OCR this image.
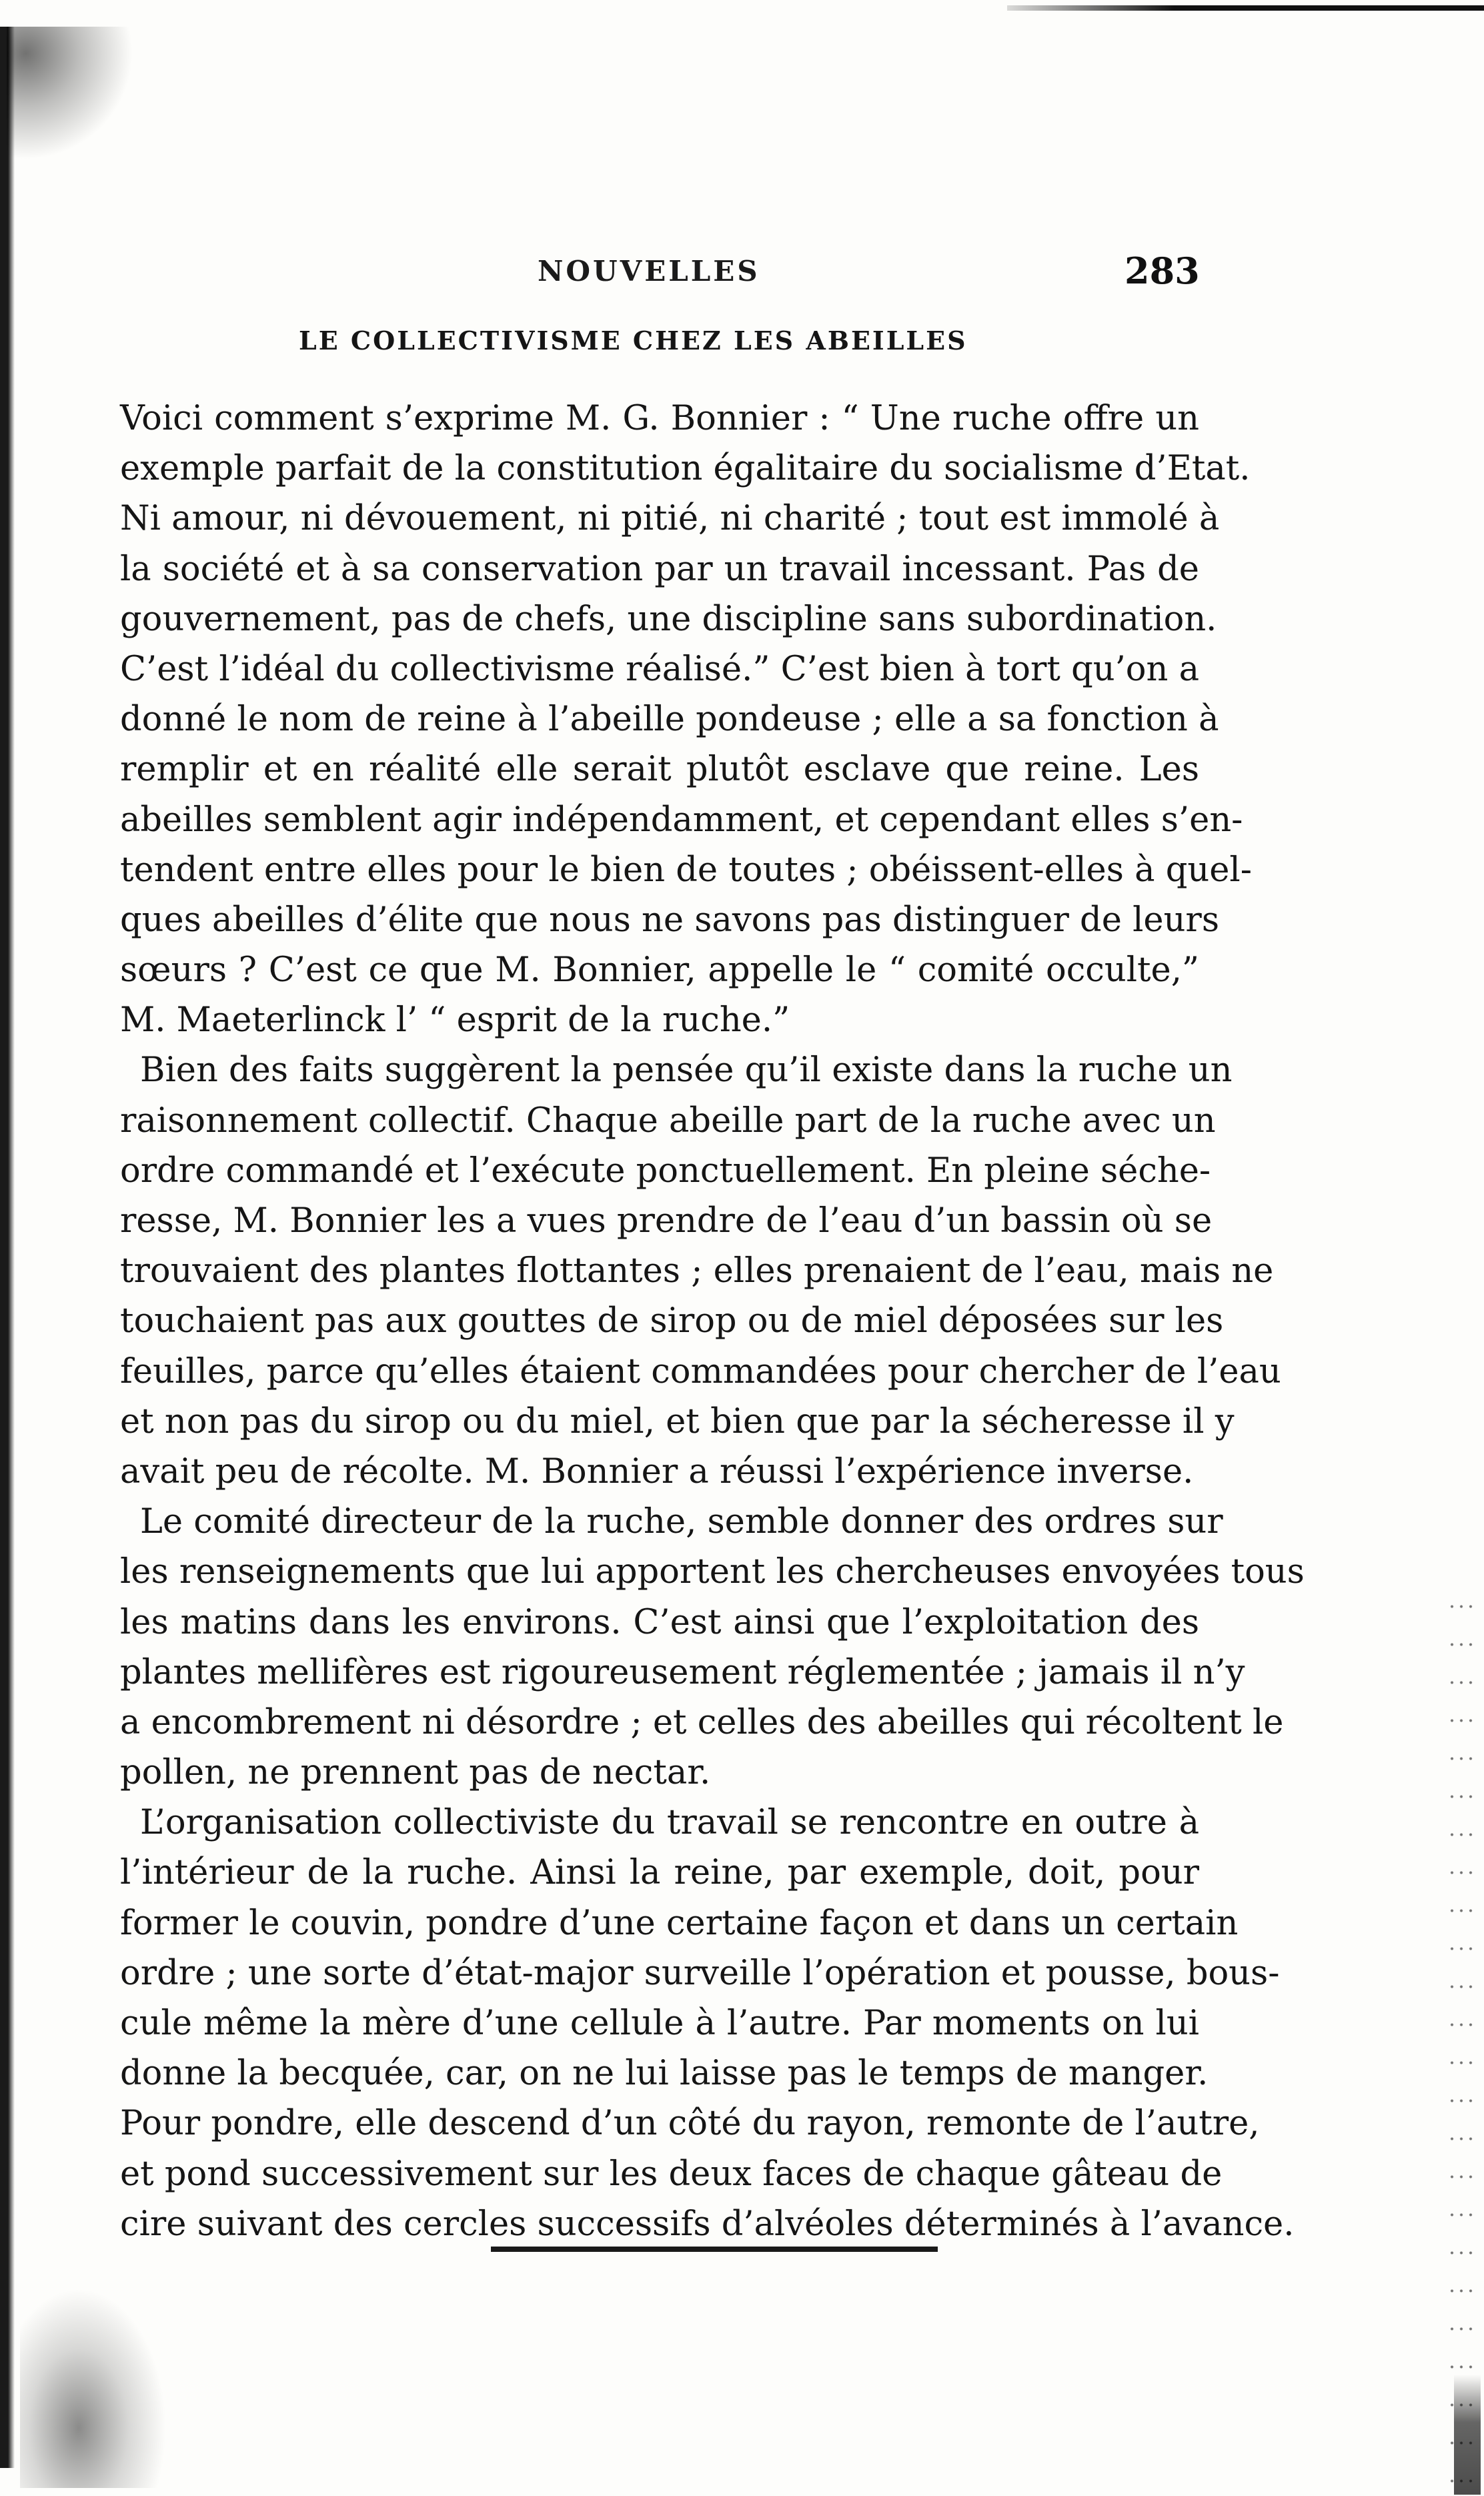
NOUVELLES	283
LE COLLECTIVISME CHEZ LES ABEILLES
Voici comment s’exprime M. G. Bonnier : “ Une ruche offre un
exemple parfait de la constitution égalitaire du socialisme d’Etat.
Ni amour, ni dévouement, ni pitié, ni charité ; tout est immolé à
la société et à sa conservation par un travail incessant. Pas de
gouvernement, pas de chefs, une discipline sans subordination.
C’est l’idéal du collectivisme réalisé.” C’est bien à tort qu’on a
donné le nom de reine à l’abeille pondeuse ; elle a sa fonction à
remplir et en réalité elle serait plutôt esclave que reine. Les
abeilles semblent agir indépendamment, et cependant elles s’en-
tendent entre elles pour le bien de toutes ; obéissent-elles à quel-
ques abeilles d’élite que nous ne savons pas distinguer de leurs
sœurs ? C’est ce que M. Bonnier, appelle le “ comité occulte,”
M. Maeterlinck l’ “ esprit de la ruche.”
Bien des faits suggèrent la pensée qu’il existe dans la ruche un
raisonnement collectif. Chaque abeille part de la ruche avec un
ordre commandé et l’exécute ponctuellement. En pleine séche-
resse, M. Bonnier les a vues prendre de l’eau d’un bassin où se
trouvaient des plantes flottantes ; elles prenaient de l’eau, mais ne
touchaient pas aux gouttes de sirop ou de miel déposées sur les
feuilles, parce qu’elles étaient commandées pour chercher de l’eau
et non pas du sirop ou du miel, et bien que par la sécheresse il y
avait peu de récolte. M. Bonnier a réussi l’expérience inverse.
Le comité directeur de la ruche, semble donner des ordres sur
les renseignements que lui apportent les chercheuses envoyées tous
les matins dans les environs. C’est ainsi que l’exploitation des
plantes mellifères est rigoureusement réglementée ; jamais il n’y
a encombrement ni désordre ; et celles des abeilles qui récoltent le
pollen, ne prennent pas de nectar.
L’organisation collectiviste du travail se rencontre en outre à
l’intérieur de la ruche. Ainsi la reine, par exemple, doit, pour
former le couvin, pondre d’une certaine façon et dans un certain
ordre ; une sorte d’état-major surveille l’opération et pousse, bous-
cule même la mère d’une cellule à l’autre. Par moments on lui
donne la becquée, car, on ne lui laisse pas le temps de manger.
Pour pondre, elle descend d’un côté du rayon, remonte de l’autre,
et pond successivement sur les deux faces de chaque gâteau de
cire suivant des cercles successifs d’alvéoles déterminés à l’avance.
